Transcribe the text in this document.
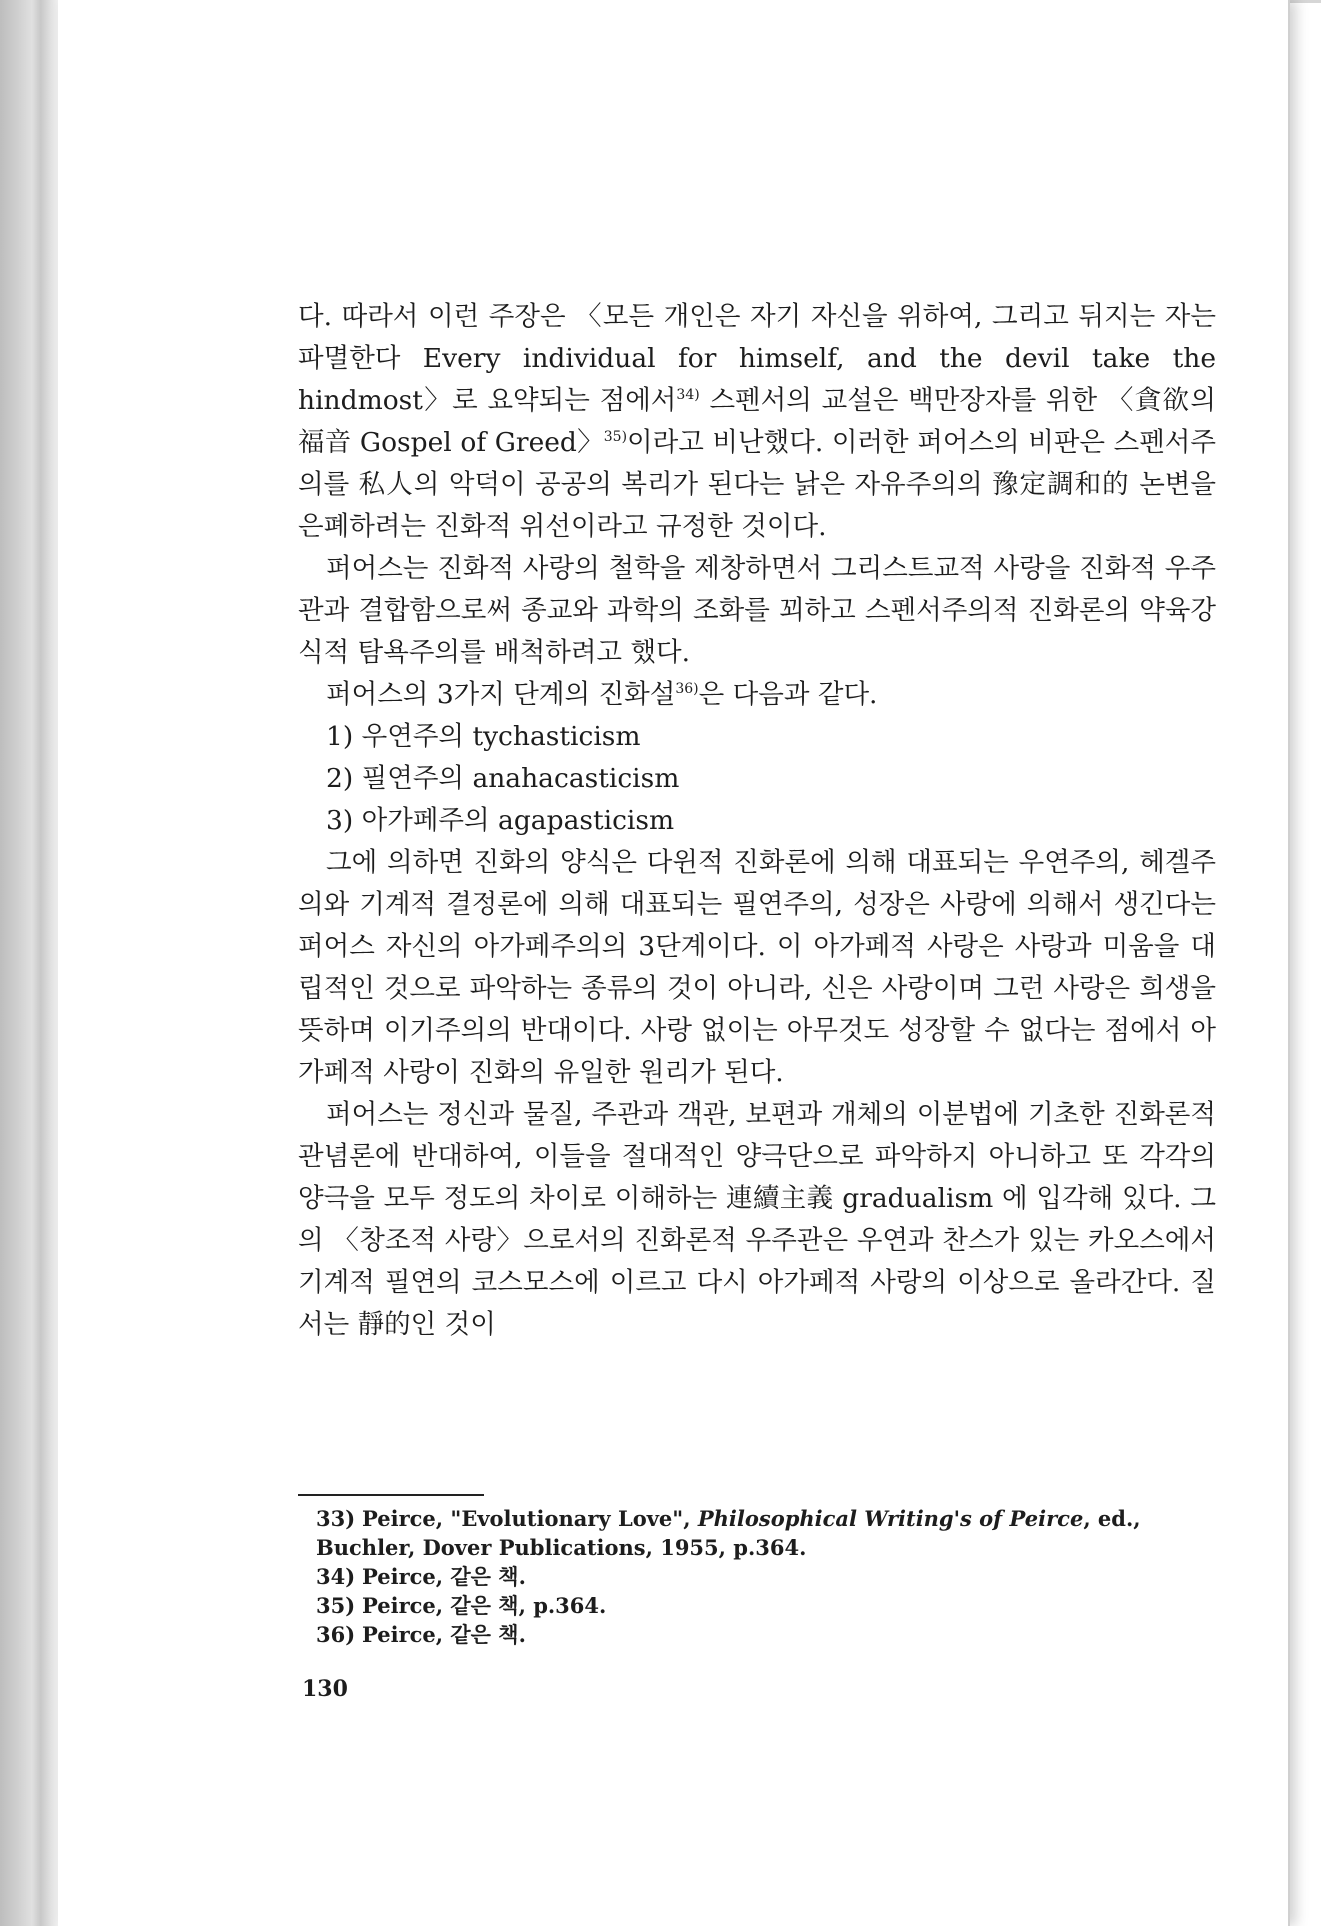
다. 따라서 이런 주장은 〈모든 개인은 자기 자신을 위하여, 그리고 뒤지는 자는 파멸한다 Every individual for himself, and the devil take the hindmost〉로 요약되는 점에서$^{34)}$ 스펜서의 교설은 백만장자를 위한 〈貪欲의 福音 Gospel of Greed〉$^{35)}$이라고 비난했다. 이러한 퍼어스의 비판은 스펜서주의를 私人의 악덕이 공공의 복리가 된다는 낡은 자유주의의 豫定調和的 논변을 은폐하려는 진화적 위선이라고 규정한 것이다.

퍼어스는 진화적 사랑의 철학을 제창하면서 그리스트교적 사랑을 진화적 우주관과 결합함으로써 종교와 과학의 조화를 꾀하고 스펜서주의적 진화론의 약육강식적 탐욕주의를 배척하려고 했다.

퍼어스의 3가지 단계의 진화설$^{36)}$은 다음과 같다.

1) 우연주의 tychasticism
2) 필연주의 anahacasticism
3) 아가페주의 agapasticism

그에 의하면 진화의 양식은 다윈적 진화론에 의해 대표되는 우연주의, 헤겔주의와 기계적 결정론에 의해 대표되는 필연주의, 성장은 사랑에 의해서 생긴다는 퍼어스 자신의 아가페주의의 3단계이다. 이 아가페적 사랑은 사랑과 미움을 대립적인 것으로 파악하는 종류의 것이 아니라, 신은 사랑이며 그런 사랑은 희생을 뜻하며 이기주의의 반대이다. 사랑 없이는 아무것도 성장할 수 없다는 점에서 아가페적 사랑이 진화의 유일한 원리가 된다.

퍼어스는 정신과 물질, 주관과 객관, 보편과 개체의 이분법에 기초한 진화론적 관념론에 반대하여, 이들을 절대적인 양극단으로 파악하지 아니하고 또 각각의 양극을 모두 정도의 차이로 이해하는 連續主義 gradualism 에 입각해 있다. 그의 〈창조적 사랑〉으로서의 진화론적 우주관은 우연과 찬스가 있는 카오스에서 기계적 필연의 코스모스에 이르고 다시 아가페적 사랑의 이상으로 올라간다. 질서는 靜的인 것이

33) Peirce, "Evolutionary Love", Philosophical Writing's of Peirce, ed., Buchler, Dover Publications, 1955, p.364.
34) Peirce, 같은 책.
35) Peirce, 같은 책, p.364.
36) Peirce, 같은 책.
130
